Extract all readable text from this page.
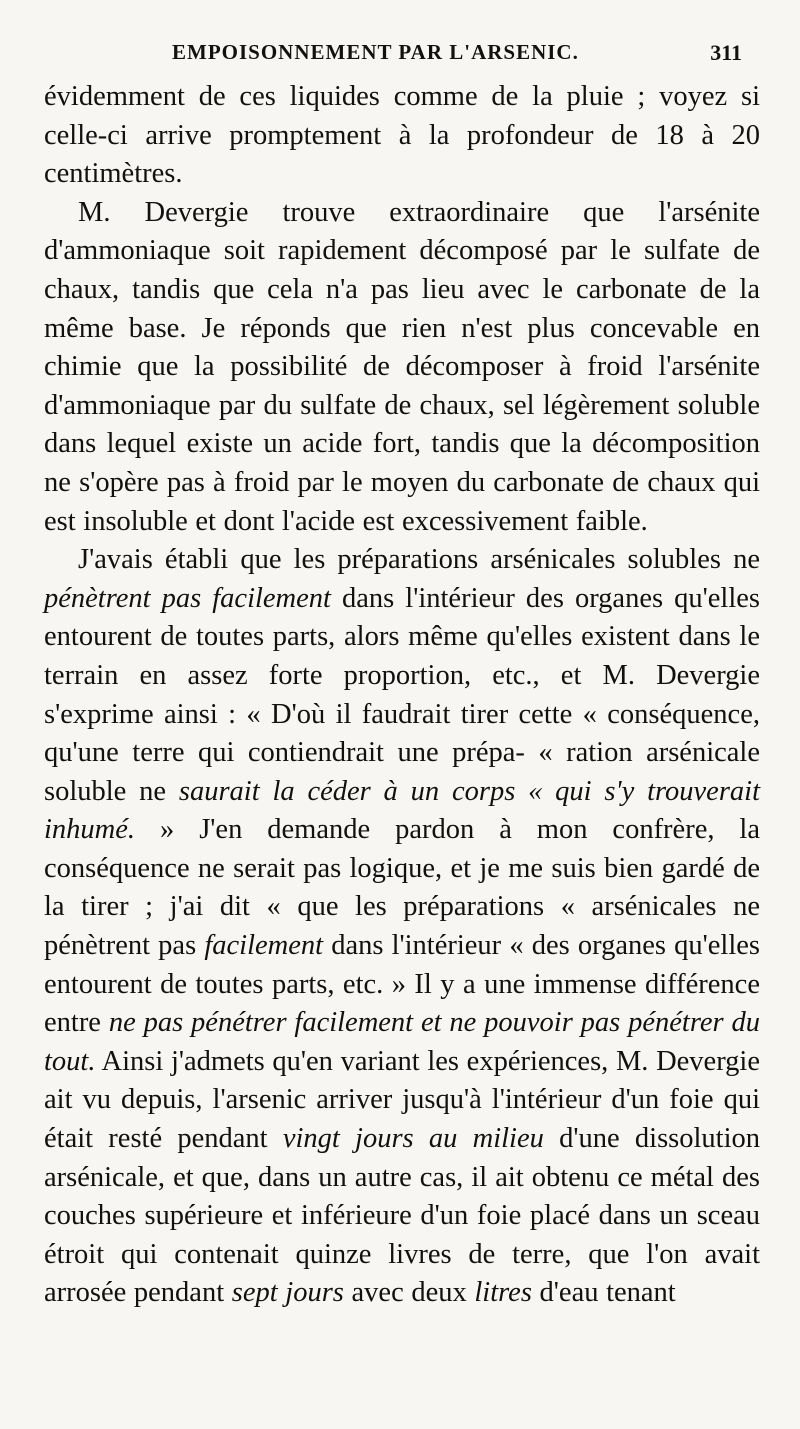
EMPOISONNEMENT PAR L'ARSENIC.	311

évidemment de ces liquides comme de la pluie ; voyez si celle-ci arrive promptement à la profondeur de 18 à 20 centimètres.

M. Devergie trouve extraordinaire que l'arsénite d'ammoniaque soit rapidement décomposé par le sulfate de chaux, tandis que cela n'a pas lieu avec le carbonate de la même base. Je réponds que rien n'est plus concevable en chimie que la possibilité de décomposer à froid l'arsénite d'ammoniaque par du sulfate de chaux, sel légèrement soluble dans lequel existe un acide fort, tandis que la décomposition ne s'opère pas à froid par le moyen du carbonate de chaux qui est insoluble et dont l'acide est excessivement faible.

J'avais établi que les préparations arsénicales solubles ne pénètrent pas facilement dans l'intérieur des organes qu'elles entourent de toutes parts, alors même qu'elles existent dans le terrain en assez forte proportion, etc., et M. Devergie s'exprime ainsi : « D'où il faudrait tirer cette « conséquence, qu'une terre qui contiendrait une prépa- « ration arsénicale soluble ne saurait la céder à un corps « qui s'y trouverait inhumé. » J'en demande pardon à mon confrère, la conséquence ne serait pas logique, et je me suis bien gardé de la tirer ; j'ai dit « que les préparations « arsénicales ne pénètrent pas facilement dans l'intérieur « des organes qu'elles entourent de toutes parts, etc. » Il y a une immense différence entre ne pas pénétrer facilement et ne pouvoir pas pénétrer du tout. Ainsi j'admets qu'en variant les expériences, M. Devergie ait vu depuis, l'arsenic arriver jusqu'à l'intérieur d'un foie qui était resté pendant vingt jours au milieu d'une dissolution arsénicale, et que, dans un autre cas, il ait obtenu ce métal des couches supérieure et inférieure d'un foie placé dans un sceau étroit qui contenait quinze livres de terre, que l'on avait arrosée pendant sept jours avec deux litres d'eau tenant
